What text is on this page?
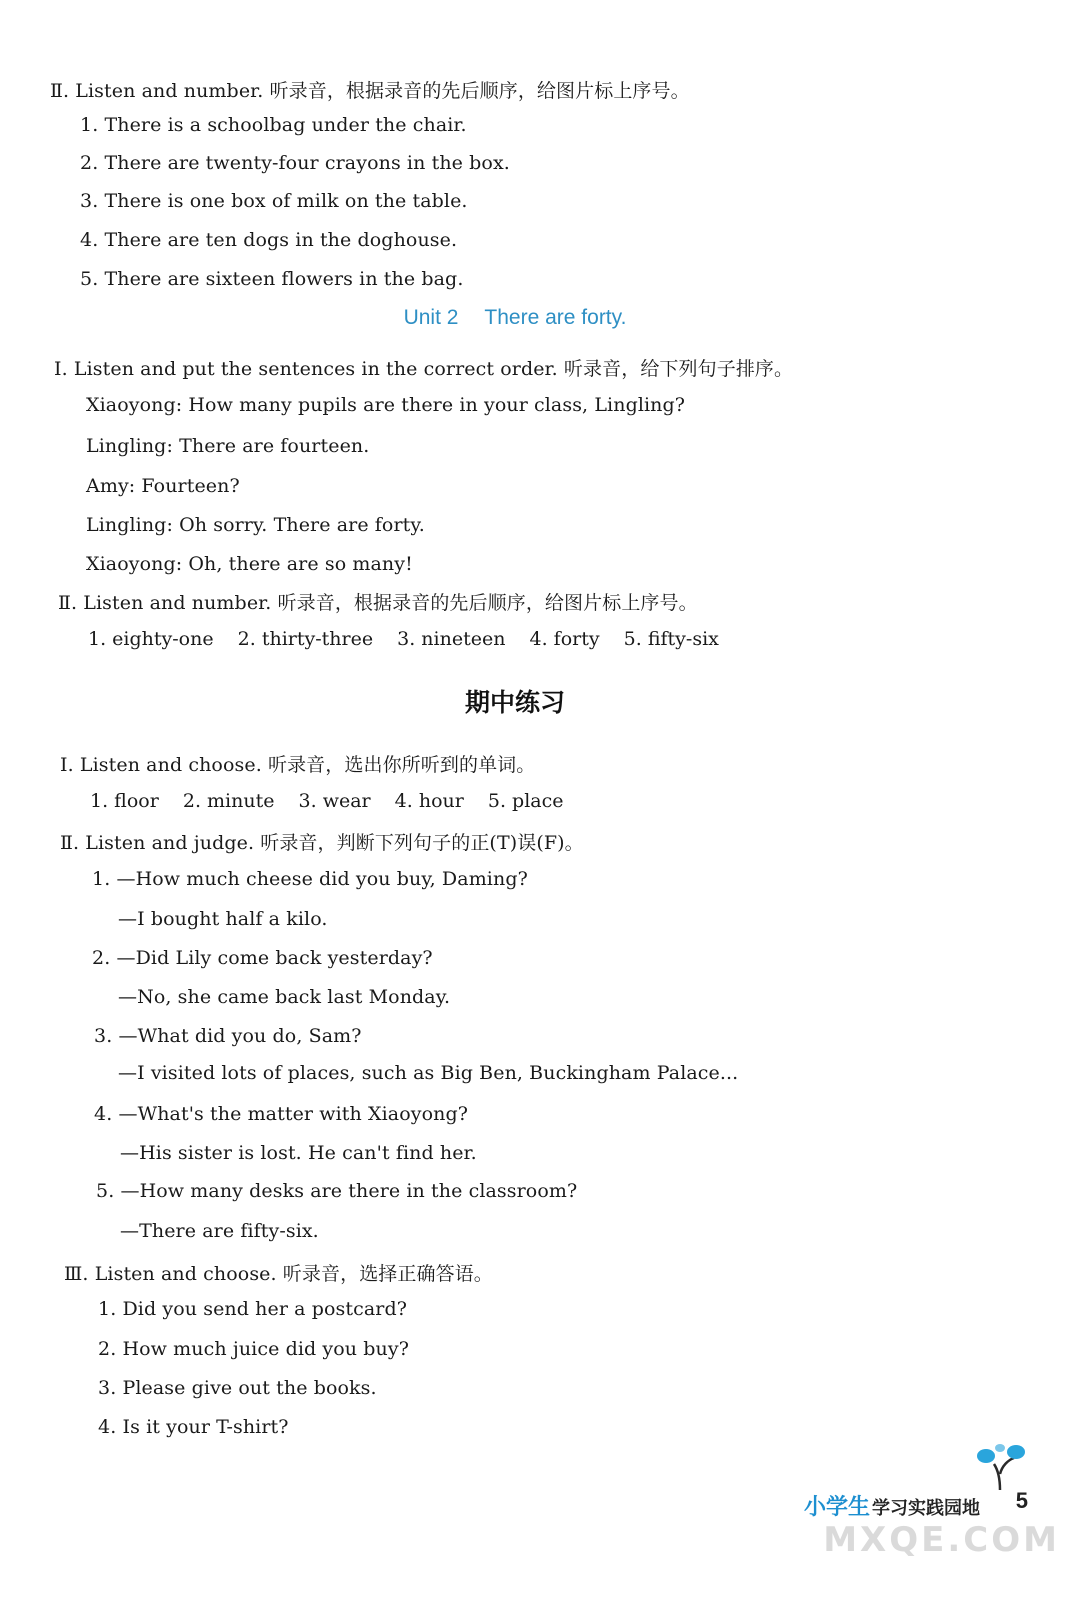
Ⅱ. Listen and number. 听录音，根据录音的先后顺序，给图片标上序号。
1. There is a schoolbag under the chair.
2. There are twenty-four crayons in the box.
3. There is one box of milk on the table.
4. There are ten dogs in the doghouse.
5. There are sixteen flowers in the bag.
Unit 2 There are forty.
Ⅰ. Listen and put the sentences in the correct order. 听录音，给下列句子排序。
Xiaoyong: How many pupils are there in your class, Lingling?
Lingling: There are fourteen.
Amy: Fourteen?
Lingling: Oh sorry. There are forty.
Xiaoyong: Oh, there are so many!
Ⅱ. Listen and number. 听录音，根据录音的先后顺序，给图片标上序号。
1. eighty-one 2. thirty-three 3. nineteen 4. forty 5. fifty-six
期中练习
Ⅰ. Listen and choose. 听录音，选出你所听到的单词。
1. floor 2. minute 3. wear 4. hour 5. place
Ⅱ. Listen and judge. 听录音，判断下列句子的正(T)误(F)。
1. —How much cheese did you buy, Daming?
—I bought half a kilo.
2. —Did Lily come back yesterday?
—No, she came back last Monday.
3. —What did you do, Sam?
—I visited lots of places, such as Big Ben, Buckingham Palace...
4. —What's the matter with Xiaoyong?
—His sister is lost. He can't find her.
5. —How many desks are there in the classroom?
—There are fifty-six.
Ⅲ. Listen and choose. 听录音，选择正确答语。
1. Did you send her a postcard?
2. How much juice did you buy?
3. Please give out the books.
4. Is it your T-shirt?
小学生 学习实践园地 5
MXQE.COM
